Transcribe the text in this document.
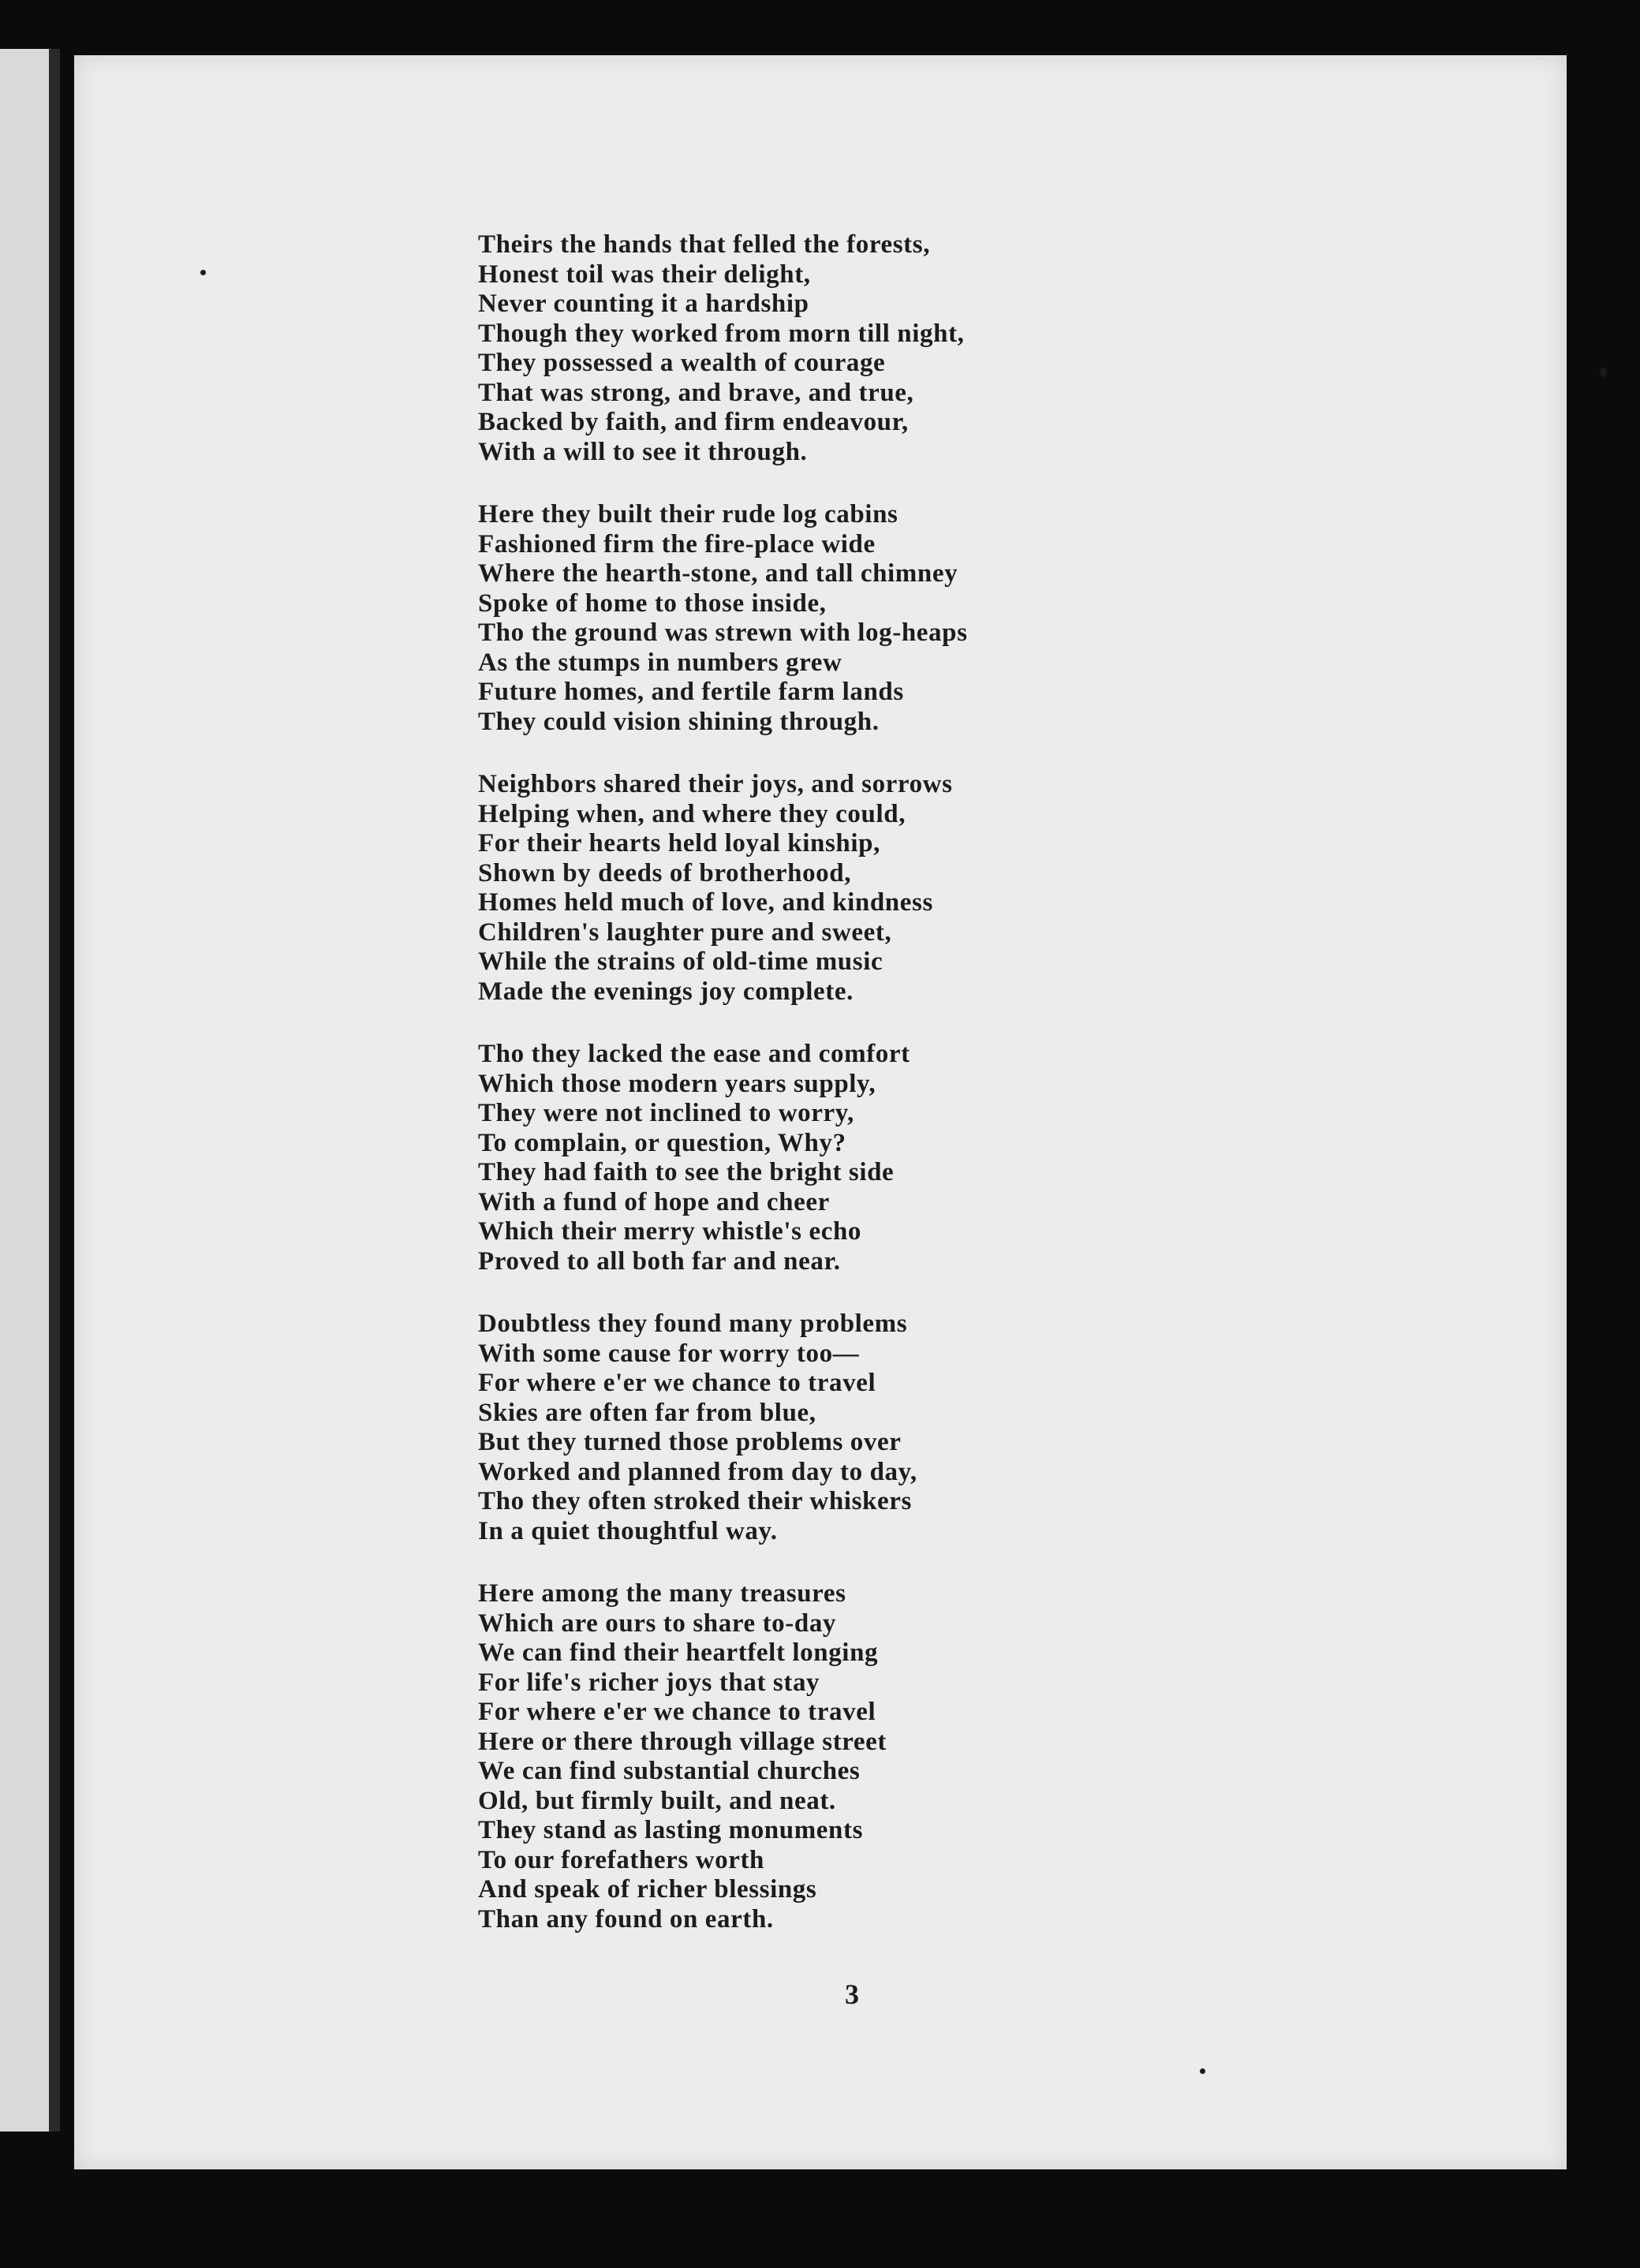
Theirs the hands that felled the forests,
Honest toil was their delight,
Never counting it a hardship
Though they worked from morn till night,
They possessed a wealth of courage
That was strong, and brave, and true,
Backed by faith, and firm endeavour,
With a will to see it through.
Here they built their rude log cabins
Fashioned firm the fire-place wide
Where the hearth-stone, and tall chimney
Spoke of home to those inside,
Tho the ground was strewn with log-heaps
As the stumps in numbers grew
Future homes, and fertile farm lands
They could vision shining through.
Neighbors shared their joys, and sorrows
Helping when, and where they could,
For their hearts held loyal kinship,
Shown by deeds of brotherhood,
Homes held much of love, and kindness
Children's laughter pure and sweet,
While the strains of old-time music
Made the evenings joy complete.
Tho they lacked the ease and comfort
Which those modern years supply,
They were not inclined to worry,
To complain, or question, Why?
They had faith to see the bright side
With a fund of hope and cheer
Which their merry whistle's echo
Proved to all both far and near.
Doubtless they found many problems
With some cause for worry too—
For where e'er we chance to travel
Skies are often far from blue,
But they turned those problems over
Worked and planned from day to day,
Tho they often stroked their whiskers
In a quiet thoughtful way.
Here among the many treasures
Which are ours to share to-day
We can find their heartfelt longing
For life's richer joys that stay
For where e'er we chance to travel
Here or there through village street
We can find substantial churches
Old, but firmly built, and neat.
They stand as lasting monuments
To our forefathers worth
And speak of richer blessings
Than any found on earth.
3
